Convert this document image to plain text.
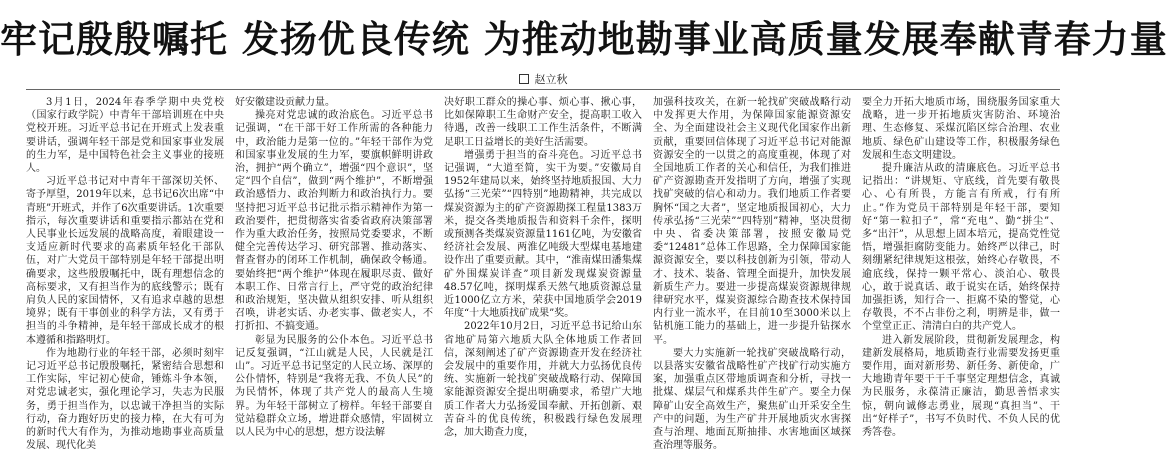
牢记殷殷嘱托 发扬优良传统 为推动地勘事业高质量发展奉献青春力量
赵立秋

3月1日，2024年春季学期中央党校（国家行政学院）中青年干部培训班在中央党校开班。习近平总书记在开班式上发表重要讲话，强调年轻干部是党和国家事业发展的生力军，是中国特色社会主义事业的接班人。

习近平总书记对中青年干部深切关怀、寄予厚望，2019年以来，总书记6次出席“中青班”开班式，并作了6次重要讲话。1次重要指示，每次重要讲话和重要指示都站在党和人民事业长远发展的战略高度，着眼建设一支适应新时代要求的高素质年轻化干部队伍，对广大党员干部特别是年轻干部提出明确要求，这些殷殷嘱托中，既有理想信念的高标要求，又有担当作为的底线警示；既有肩负人民的家国情怀，又有追求卓越的思想境界；既有干事创业的科学方法，又有勇于担当的斗争精神，是年轻干部成长成才的根本遵循和指路明灯。

作为地勘行业的年轻干部，必须时刻牢记习近平总书记殷殷嘱托，紧密结合思想和工作实际，牢记初心使命，锤炼斗争本领，对党忠诚老实，强化理论学习，失志为民服务，勇于担当作为，以忠诚干净担当的实际行动，奋力跑好历史的接力棒，在大有可为的新时代大有作为，为推动地勘事业高质量发展、现代化美

好安徽建设贡献力量。

操亮对党忠诚的政治底色。习近平总书记强调，“在干部干好工作所需的各种能力中，政治能力是第一位的。”年轻干部作为党和国家事业发展的生力军，要旗帜鲜明讲政治，拥护“两个确立”，增强“四个意识”，坚定“四个自信”，做到“两个维护”，不断增强政治感悟力、政治判断力和政治执行力。要坚持把习近平总书记批示指示精神作为第一政治要件，把贯彻落实省委省政府决策部署作为重大政治任务，按照局党委要求，不断健全完善传达学习、研究部署、推动落实、督查督办的闭环工作机制，确保政令畅通。要始终把“两个维护”体现在履职尽责、做好本职工作、日常言行上，严守党的政治纪律和政治规矩，坚决做从组织安排、听从组织召唤，讲老实话、办老实事、做老实人，不打折扣、不搞变通。

彰显为民服务的公仆本色。习近平总书记反复强调，“江山就是人民，人民就是江山”。习近平总书记坚定的人民立场、深厚的公仆情怀，特别是“我将无我、不负人民”的为民情怀，体现了共产党人的最高人生境界。为年轻干部树立了榜样。年轻干部要自觉站稳群众立场，增进群众感情，牢固树立以人民为中心的思想，想方设法解

决好职工群众的操心事、烦心事、揪心事，比如保障职工生命财产安全，提高职工收入待遇，改善一线职工工作生活条件，不断满足职工日益增长的美好生活需要。

增强勇于担当的奋斗亮色。习近平总书记强调，“大道至简，实干为要。”安徽局自1952年建局以来，始终坚持地质报国、大力弘扬“三光荣”“四特别”地勘精神，共完成以煤炭资源为主的矿产资源勘探工程量1383万米，提交各类地质报告和资料千余件，探明或预测各类煤炭资源量1161亿吨，为安徽省经济社会发展、两淮亿吨级大型煤电基地建设作出了重要贡献。其中，“淮南煤田潘集煤矿外围煤炭详查”项目新发现煤炭资源量48.57亿吨，探明煤系天然气地质资源总量近1000亿立方米，荣获中国地质学会2019年度“十大地质找矿成果”奖。

2022年10月2日，习近平总书记给山东省地矿局第六地质大队全体地质工作者回信，深刻阐述了矿产资源勘查开发在经济社会发展中的重要作用，并就大力弘扬优良传统、实施新一轮找矿突破战略行动、保障国家能源资源安全提出明确要求，希望广大地质工作者大力弘扬爱国奉献、开拓创新、艰苦奋斗的优良传统，积极践行绿色发展理念，加大勘查力度，

加强科技攻关，在新一轮找矿突破战略行动中发挥更大作用，为保障国家能源资源安全、为全面建设社会主义现代化国家作出新贡献，重要回信体现了习近平总书记对能源资源安全的一以贯之的高度重视，体现了对全国地质工作者的关心和信任，为我们推进矿产资源勘查开发指明了方向，增强了实现找矿突破的信心和动力。我们地质工作者要胸怀“国之大者”，坚定地质报国初心，大力传承弘扬“三光荣”“四特别”精神，坚决贯彻中央、省委决策部署，按照安徽局党委“12481”总体工作思路，全力保障国家能源资源安全，要以科技创新为引领，带动人才、技术、装备、管理全面提升，加快发展新质生产力。要进一步提高煤炭资源规律规律研究水平，煤炭资源综合勘查技术保持国内行业一流水平，在目前10至3000米以上钻机施工能力的基础上，进一步提升钻探水平。

要大力实施新一轮找矿突破战略行动，以县落实安徽省战略性矿产找矿行动实施方案，加强重点区带地质调查和分析，寻找一批煤、煤层气和煤系共伴生矿产。要全力保障矿山安全高效生产，聚焦矿山开采安全生产中的问题，为生产矿井开展地质灾水害探查与治理、地面瓦斯抽排、水害地面区域探查治理等服务。

要全力开拓大地质市场，围绕服务国家重大战略，进一步开拓地质灾害防治、环境治理、生态修复、采煤沉陷区综合治理、农业地质、绿色矿山建设等工作，积极服务绿色发展和生态文明建设。

提升廉洁从政的清廉底色。习近平总书记指出：“讲规矩、守底线，首先要有敬畏心、心有所畏，方能言有所戒，行有所止。”作为党员干部特别是年轻干部，要知好“第一粒扣子”，常“充电”、勤“拼尘”、多“出汗”，从思想上固本培元，提高党性觉悟，增强拒腐防变能力。始终严以律己，时刻绷紧纪律规矩这根弦，始终心存敬畏，不逾底线，保持一颗平常心、淡泊心、敬畏心，敢于说真话、敢于说实在话，始终保持加强拒诱，知行合一、拒腐不染的警觉，心存敬畏，不不占非份之利，明辨是非，做一个堂堂正正、清清白白的共产党人。

进入新发展阶段，贯彻新发展理念，构建新发展格局，地质勘查行业需要发扬更重要作用，面对新形势、新任务、新使命，广大地勘青年要干干千事坚定理想信念，真诚为民服务，永葆清正廉洁，勤思善悟求实惊，朝向诚修志勇业，展现“真担当”、干出“好样子”，书写不负时代、不负人民的优秀答卷。
